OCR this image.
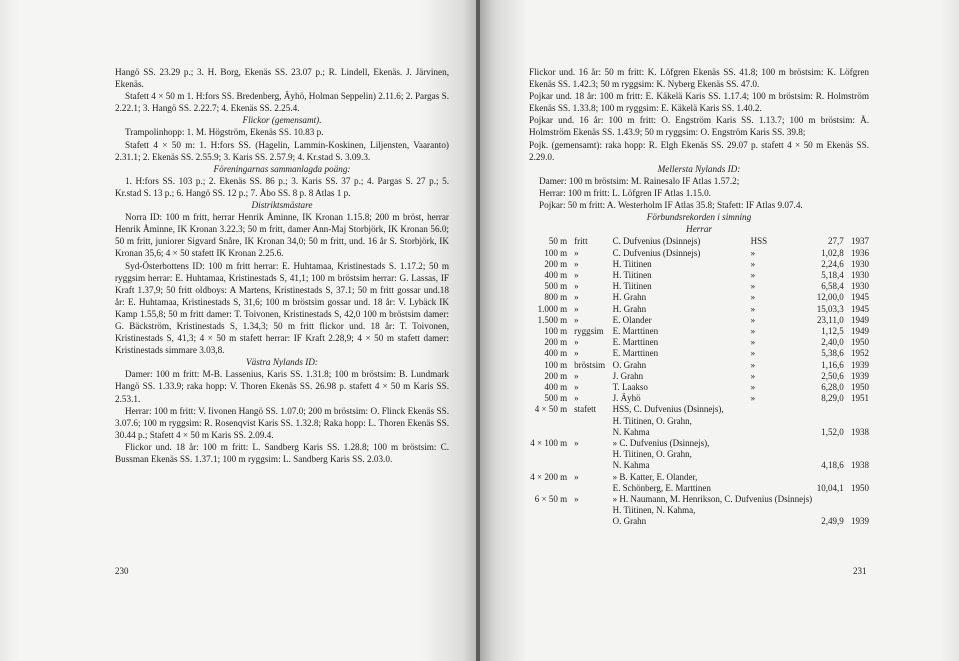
Hangö SS. 23.29 p.; 3. H. Borg, Ekenäs SS. 23.07 p.; R. Lindell, Ekenäs. J. Järvinen, Ekenäs.
Stafett 4 × 50 m 1. H:fors SS. Bredenberg, Äyhö, Holman Seppelin) 2.11.6; 2. Pargas S. 2.22.1; 3. Hangö SS. 2.22.7; 4. Ekenäs SS. 2.25.4.
Flickor (gemensamt).
Trampolinhopp: 1. M. Högström, Ekenäs SS. 10.83 p.
Stafett 4 × 50 m: 1. H:fors SS. (Hagelin, Lammin-Koskinen, Liljensten, Vaaranto) 2.31.1; 2. Ekenäs SS. 2.55.9; 3. Karis SS. 2.57.9; 4. Kr.stad S. 3.09.3.
Föreningarnas sammanlagda poäng:
1. H:fors SS. 103 p.; 2. Ekenäs SS. 86 p.; 3. Karis SS. 37 p.; 4. Pargas S. 27 p.; 5. Kr.stad S. 13 p.; 6. Hangö SS. 12 p.; 7. Åbo SS. 8 p. 8 Atlas 1 p.
Distriktsmästare
Norra ID: 100 m fritt, herrar Henrik Åminne, IK Kronan 1.15.8; 200 m bröst, herrar Henrik Åminne, IK Kronan 3.22.3; 50 m fritt, damer Ann-Maj Storbjörk, IK Kronan 56.0; 50 m fritt, juniorer Sigvard Snåre, IK Kronan 34,0; 50 m fritt, und. 16 år S. Storbjörk, IK Kronan 35,6; 4 × 50 stafett IK Kronan 2.25.6.
Syd-Österbottens ID: 100 m fritt herrar: E. Huhtamaa, Kristinestads S. 1.17.2; 50 m ryggsim herrar: E. Huhtamaa, Kristinestads S, 41,1; 100 m bröstsim herrar: G. Lassas, IF Kraft 1.37,9; 50 fritt oldboys: A Martens, Kristinestads S, 37.1; 50 m fritt gossar und.18 år: E. Huhtamaa, Kristinestads S, 31,6; 100 m bröstsim gossar und. 18 år: V. Lybäck IK Kamp 1.55,8; 50 m fritt damer: T. Toivonen, Kristinestads S, 42,0 100 m bröstsim damer: G. Bäckström, Kristinestads S, 1.34,3; 50 m fritt flickor und. 18 år: T. Toivonen, Kristinestads S, 41,3; 4 × 50 m stafett herrar: IF Kraft 2.28,9; 4 × 50 m stafett damer: Kristinestads simmare 3.03,8.
Västra Nylands ID:
Damer: 100 m fritt: M-B. Lassenius, Karis SS. 1.31.8; 100 m bröstsim: B. Lundmark Hangö SS. 1.33.9; raka hopp: V. Thoren Ekenäs SS. 26.98 p. stafett 4 × 50 m Karis SS. 2.53.1.
Herrar: 100 m fritt: V. Iivonen Hangö SS. 1.07.0; 200 m bröstsim: O. Flinck Ekenäs SS. 3.07.6; 100 m ryggsim: R. Rosenqvist Karis SS. 1.32.8; Raka hopp: L. Thoren Ekenäs SS. 30.44 p.; Stafett 4 × 50 m Karis SS. 2.09.4.
Flickor und. 18 år: 100 m fritt: L. Sandberg Karis SS. 1.28.8; 100 m bröstsim: C. Bussman Ekenäs SS. 1.37.1; 100 m ryggsim: L. Sandberg Karis SS. 2.03.0.
230
Flickor und. 16 år: 50 m fritt: K. Löfgren Ekenäs SS. 41.8; 100 m bröstsim: K. Löfgren Ekenäs SS. 1.42.3; 50 m ryggsim: K. Nyberg Ekenäs SS. 47.0.
Pojkar und. 18 år: 100 m fritt: E. Käkelä Karis SS. 1.17.4; 100 m bröstsim: R. Holmström Ekenäs SS. 1.33.8; 100 m ryggsim: E. Käkelä Karis SS. 1.40.2.
Pojkar und. 16 år: 100 m fritt: O. Engström Karis SS. 1.13.7; 100 m bröstsim: Å. Holmström Ekenäs SS. 1.43.9; 50 m ryggsim: O. Engström Karis SS. 39.8;
Pojk. (gemensamt): raka hopp: R. Elgh Ekenäs SS. 29.07 p. stafett 4 × 50 m Ekenäs SS. 2.29.0.
Mellersta Nylands ID:
Damer: 100 m bröstsim: M. Rainesalo IF Atlas 1.57.2;
Herrar: 100 m fritt: L. Löfgren IF Atlas 1.15.0.
Pojkar: 50 m fritt: A. Westerholm IF Atlas 35.8; Stafett: IF Atlas 9.07.4.
Förbundsrekorden i simning
Herrar
50 m	fritt	C. Dufvenius (Dsinnejs)	HSS	27,7	1937
100 m	»	C. Dufvenius (Dsinnejs)	»	1,02,8	1936
200 m	»	H. Tiitinen	»	2,24,6	1930
400 m	»	H. Tiitinen	»	5,18,4	1930
500 m	»	H. Tiitinen	»	6,58,4	1930
800 m	»	H. Grahn	»	12,00,0	1945
1.000 m	»	H. Grahn	»	15,03,3	1945
1.500 m	»	E. Olander	»	23,11,0	1949
100 m	ryggsim	E. Marttinen	»	1,12,5	1949
200 m	»	E. Marttinen	»	2,40,0	1950
400 m	»	E. Marttinen	»	5,38,6	1952
100 m	bröstsim	O. Grahn	»	1,16,6	1939
200 m	»	J. Grahn	»	2,50,6	1939
400 m	»	T. Laakso	»	6,28,0	1950
500 m	»	J. Äyhö	»	8,29,0	1951
4 × 50 m	stafett	HSS, C. Dufvenius (Dsinnejs),			
		H. Tiitinen, O. Grahn,			
		N. Kahma		1,52,0	1938
4 × 100 m	»	» C. Dufvenius (Dsinnejs),			
		H. Tiitinen, O. Grahn,			
		N. Kahma		4,18,6	1938
4 × 200 m	»	» B. Katter, E. Olander,			
		E. Schönberg, E. Marttinen		10,04,1	1950
6 × 50 m	»	» H. Naumann, M. Henrikson, C. Dufvenius (Dsinnejs)			
		H. Tiitinen, N. Kahma,			
		O. Grahn		2,49,9	1939
231
